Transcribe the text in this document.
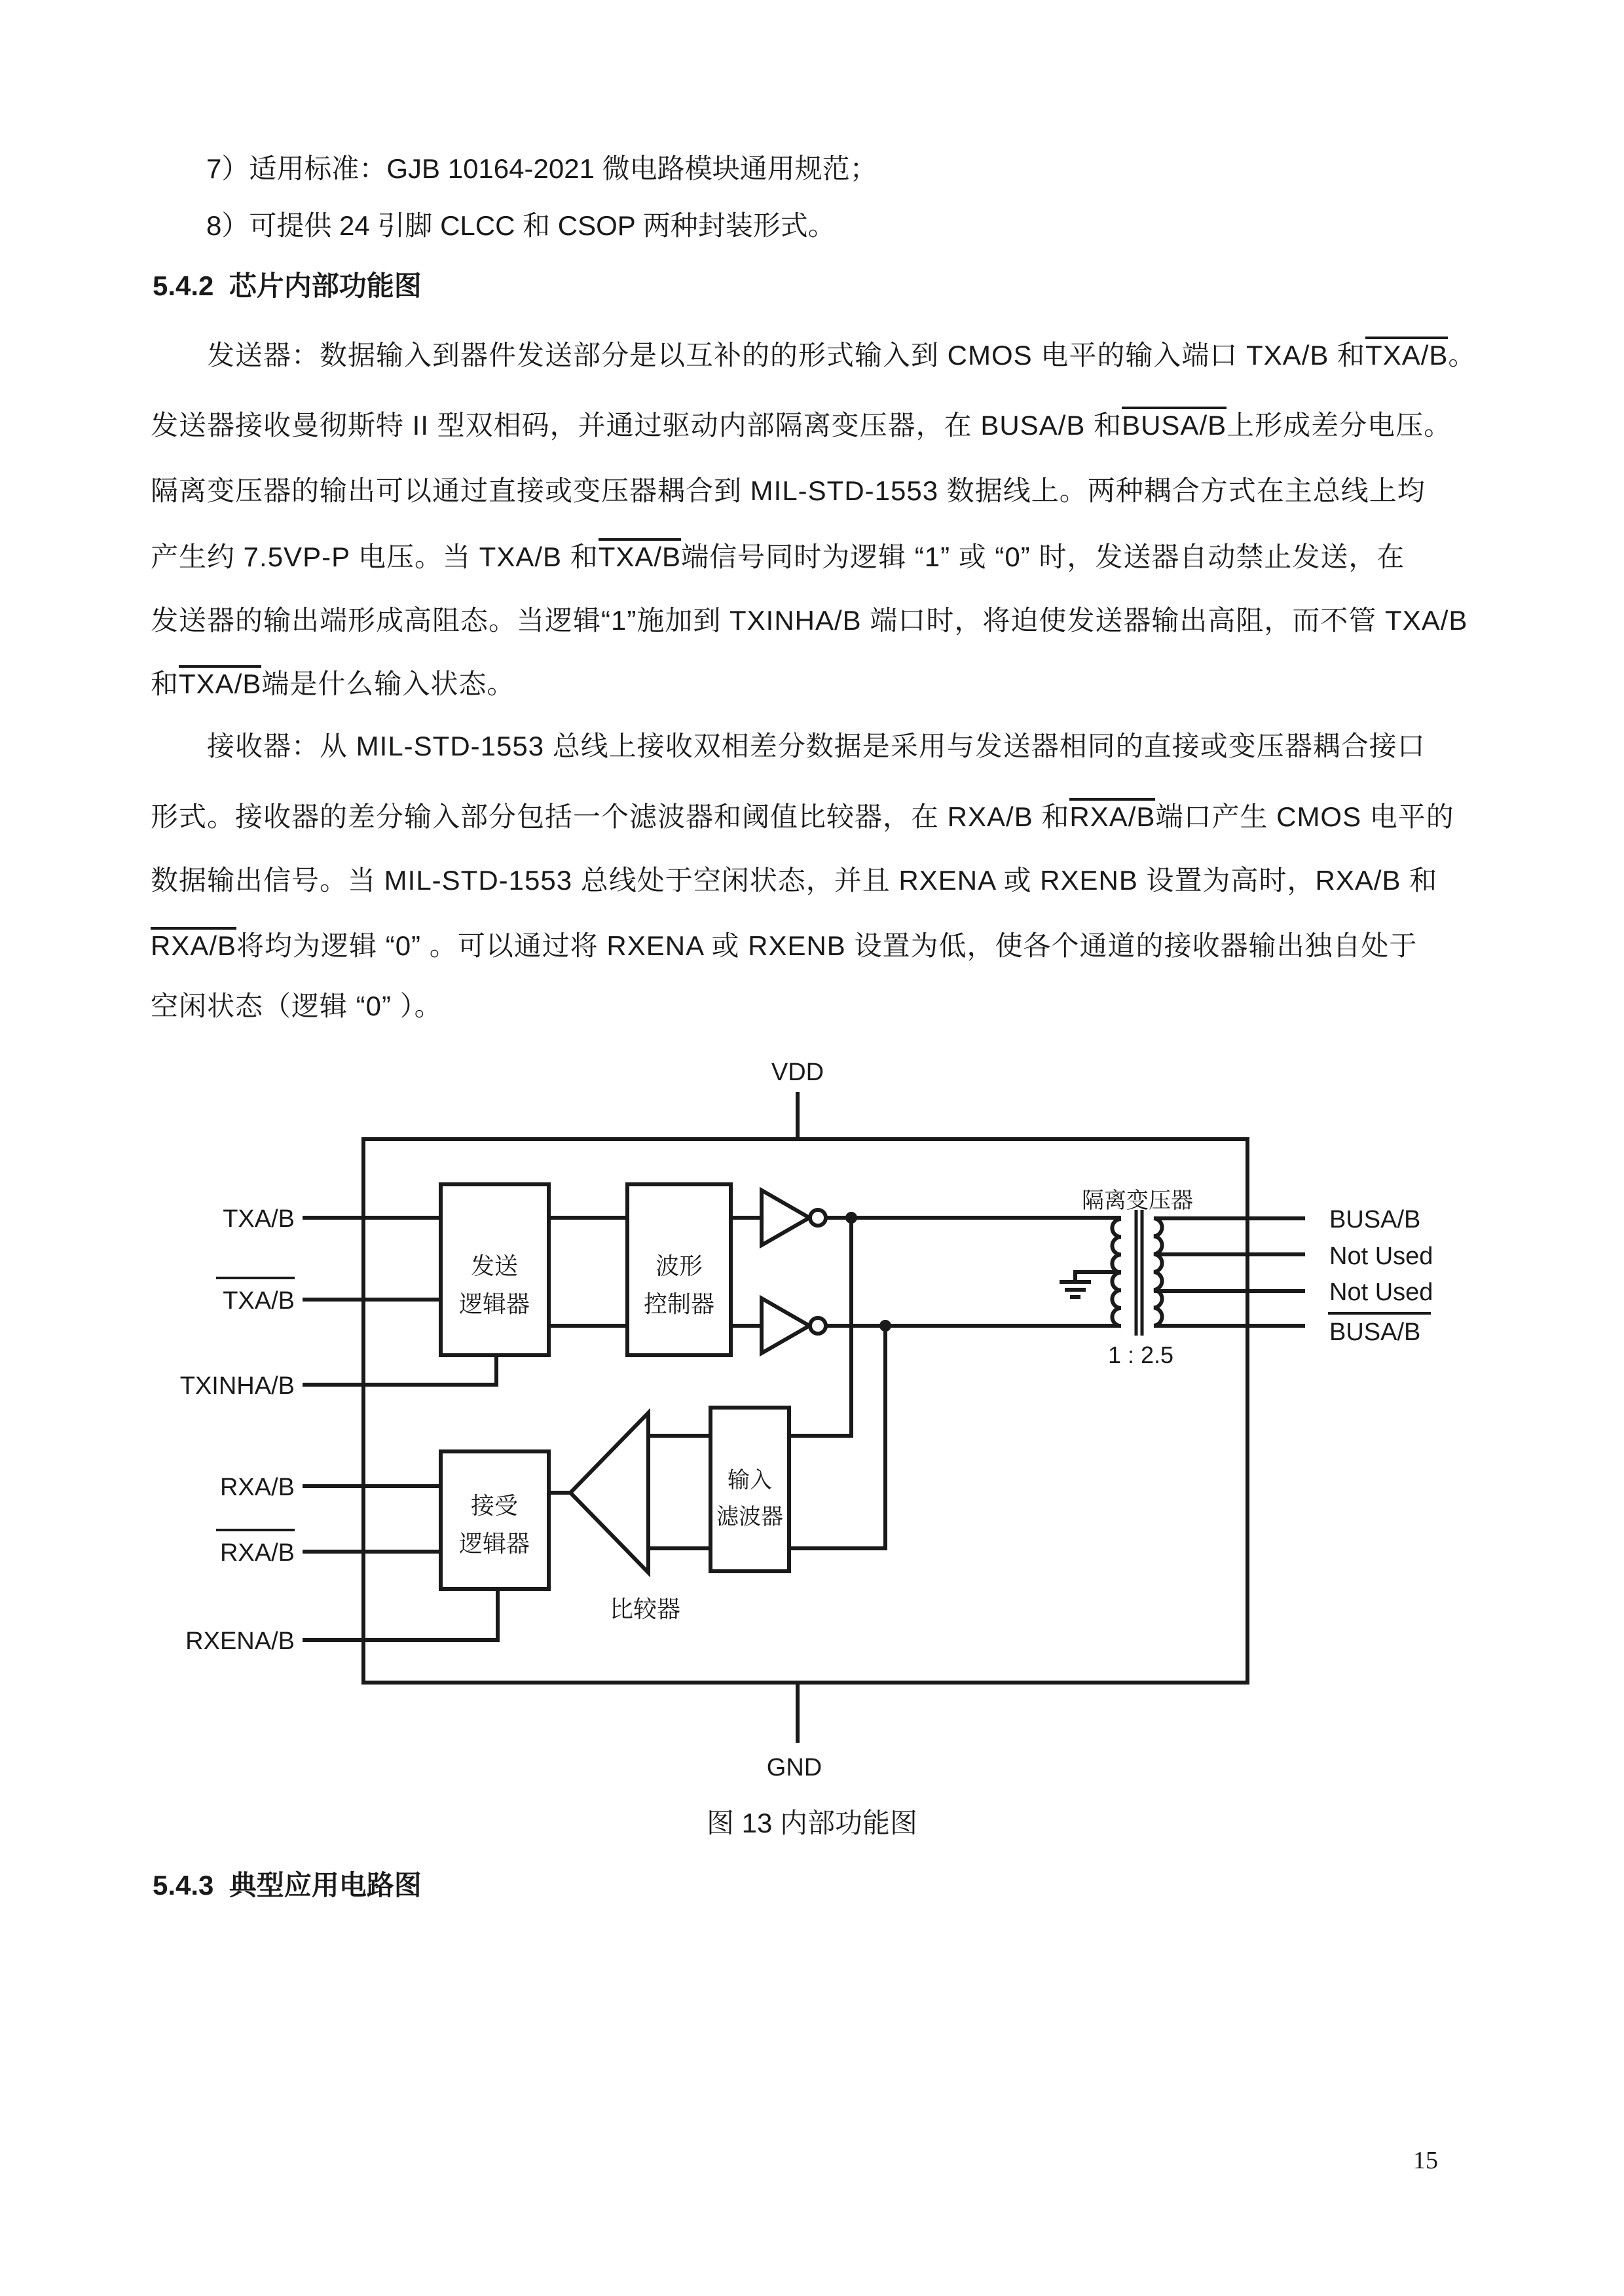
7）适用标准：GJB 10164-2021 微电路模块通用规范；
8）可提供 24 引脚 CLCC 和 CSOP 两种封装形式。
5.4.2  芯片内部功能图
发送器：数据输入到器件发送部分是以互补的的形式输入到 CMOS 电平的输入端口 TXA/B 和TXA/B。
发送器接收曼彻斯特 II 型双相码，并通过驱动内部隔离变压器，在 BUSA/B 和BUSA/B上形成差分电压。
隔离变压器的输出可以通过直接或变压器耦合到 MIL-STD-1553 数据线上。两种耦合方式在主总线上均
产生约 7.5VP-P 电压。当 TXA/B 和TXA/B端信号同时为逻辑 “1” 或 “0” 时，发送器自动禁止发送，在
发送器的输出端形成高阻态。当逻辑“1”施加到 TXINHA/B 端口时，将迫使发送器输出高阻，而不管 TXA/B
和TXA/B端是什么输入状态。
接收器：从 MIL-STD-1553 总线上接收双相差分数据是采用与发送器相同的直接或变压器耦合接口
形式。接收器的差分输入部分包括一个滤波器和阈值比较器，在 RXA/B 和RXA/B端口产生 CMOS 电平的
数据输出信号。当 MIL-STD-1553 总线处于空闲状态，并且 RXENA 或 RXENB 设置为高时，RXA/B 和
RXA/B将均为逻辑 “0” 。可以通过将 RXENA 或 RXENB 设置为低，使各个通道的接收器输出独自处于
空闲状态（逻辑 “0” ）。
VDD
GND
TXA/B
TXA/B
TXINHA/B
RXA/B
RXA/B
RXENA/B
发送
逻辑器
波形
控制器
输入
滤波器
比较器
接受
逻辑器
隔离变压器
1 : 2.5
BUSA/B
Not Used
Not Used
BUSA/B
图 13 内部功能图
5.4.3  典型应用电路图
15
